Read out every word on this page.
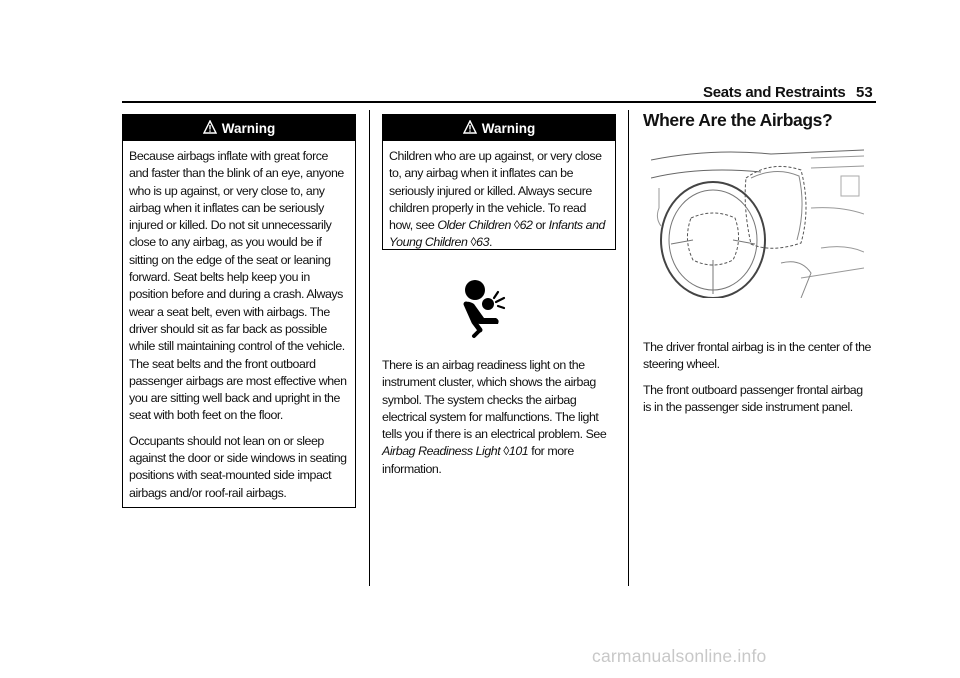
Seats and Restraints 53
Warning

Because airbags inflate with great force and faster than the blink of an eye, anyone who is up against, or very close to, any airbag when it inflates can be seriously injured or killed. Do not sit unnecessarily close to any airbag, as you would be if sitting on the edge of the seat or leaning forward. Seat belts help keep you in position before and during a crash. Always wear a seat belt, even with airbags. The driver should sit as far back as possible while still maintaining control of the vehicle. The seat belts and the front outboard passenger airbags are most effective when you are sitting well back and upright in the seat with both feet on the floor.

Occupants should not lean on or sleep against the door or side windows in seating positions with seat-mounted side impact airbags and/or roof-rail airbags.

Warning

Children who are up against, or very close to, any airbag when it inflates can be seriously injured or killed. Always secure children properly in the vehicle. To read how, see Older Children ◊62 or Infants and Young Children ◊63.

There is an airbag readiness light on the instrument cluster, which shows the airbag symbol. The system checks the airbag electrical system for malfunctions. The light tells you if there is an electrical problem. See Airbag Readiness Light ◊101 for more information.

Where Are the Airbags?

The driver frontal airbag is in the center of the steering wheel.

The front outboard passenger frontal airbag is in the passenger side instrument panel.

carmanualsonline.info
